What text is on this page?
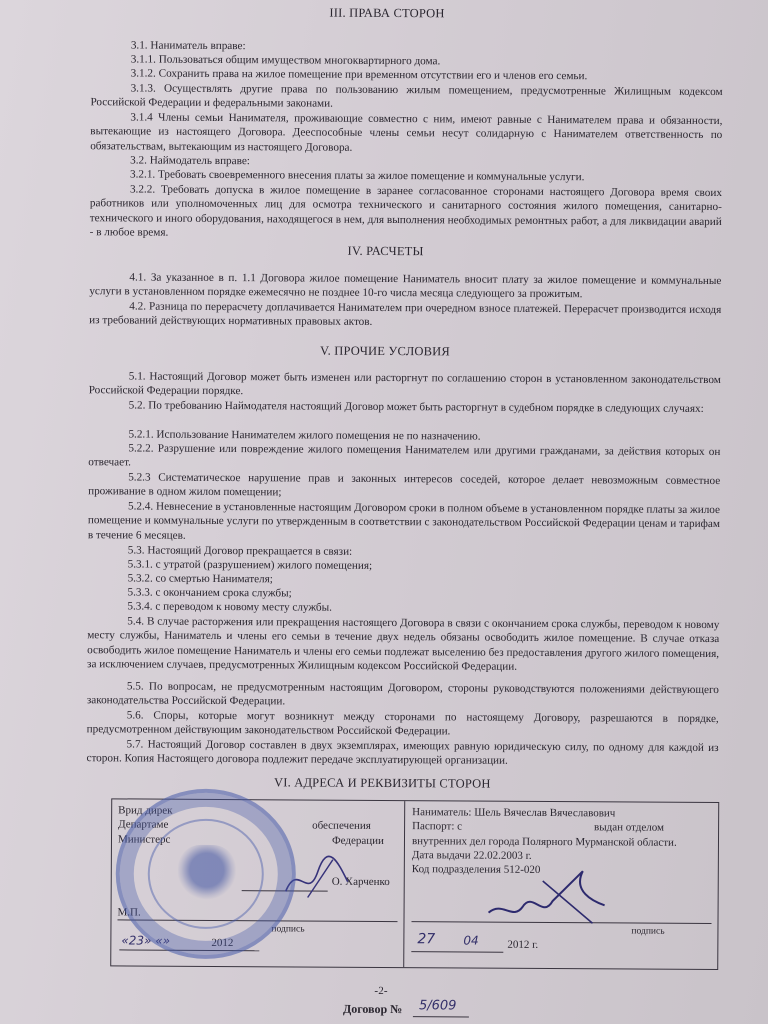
III. ПРАВА СТОРОН
3.1. Наниматель вправе:
3.1.1. Пользоваться общим имуществом многоквартирного дома.
3.1.2. Сохранить права на жилое помещение при временном отсутствии его и членов его семьи.
3.1.3. Осуществлять другие права по пользованию жилым помещением, предусмотренные Жилищным кодексом Российской Федерации и федеральными законами.
3.1.4 Члены семьи Нанимателя, проживающие совместно с ним, имеют равные с Нанимателем права и обязанности, вытекающие из настоящего Договора. Дееспособные члены семьи несут солидарную с Нанимателем ответственность по обязательствам, вытекающим из настоящего Договора.
3.2. Наймодатель вправе:
3.2.1. Требовать своевременного внесения платы за жилое помещение и коммунальные услуги.
3.2.2. Требовать допуска в жилое помещение в заранее согласованное сторонами настоящего Договора время своих работников или уполномоченных лиц для осмотра технического и санитарного состояния жилого помещения, санитарно-технического и иного оборудования, находящегося в нем, для выполнения необходимых ремонтных работ, а для ликвидации аварий - в любое время.
IV. РАСЧЕТЫ
4.1. За указанное в п. 1.1 Договора жилое помещение Наниматель вносит плату за жилое помещение и коммунальные услуги в установленном порядке ежемесячно не позднее 10-го числа месяца следующего за прожитым.
4.2. Разница по перерасчету доплачивается Нанимателем при очередном взносе платежей. Перерасчет производится исходя из требований действующих нормативных правовых актов.
V. ПРОЧИЕ УСЛОВИЯ
5.1. Настоящий Договор может быть изменен или расторгнут по соглашению сторон в установленном законодательством Российской Федерации порядке.
5.2. По требованию Наймодателя настоящий Договор может быть расторгнут в судебном порядке в следующих случаях:
5.2.1. Использование Нанимателем жилого помещения не по назначению.
5.2.2. Разрушение или повреждение жилого помещения Нанимателем или другими гражданами, за действия которых он отвечает.
5.2.3 Систематическое нарушение прав и законных интересов соседей, которое делает невозможным совместное проживание в одном жилом помещении;
5.2.4. Невнесение в установленные настоящим Договором сроки в полном объеме в установленном порядке платы за жилое помещение и коммунальные услуги по утвержденным в соответствии с законодательством Российской Федерации ценам и тарифам в течение 6 месяцев.
5.3. Настоящий Договор прекращается в связи:
5.3.1. с утратой (разрушением) жилого помещения;
5.3.2. со смертью Нанимателя;
5.3.3. с окончанием срока службы;
5.3.4. с переводом к новому месту службы.
5.4. В случае расторжения или прекращения настоящего Договора в связи с окончанием срока службы, переводом к новому месту службы, Наниматель и члены его семьи в течение двух недель обязаны освободить жилое помещение. В случае отказа освободить жилое помещение Наниматель и члены его семьи подлежат выселению без предоставления другого жилого помещения, за исключением случаев, предусмотренных Жилищным кодексом Российской Федерации.
5.5. По вопросам, не предусмотренным настоящим Договором, стороны руководствуются положениями действующего законодательства Российской Федерации.
5.6. Споры, которые могут возникнут между сторонами по настоящему Договору, разрешаются в порядке, предусмотренном действующим законодательством Российской Федерации.
5.7. Настоящий Договор составлен в двух экземплярах, имеющих равную юридическую силу, по одному для каждой из сторон. Копия Настоящего договора подлежит передаче эксплуатирующей организации.
VI. АДРЕСА И РЕКВИЗИТЫ СТОРОН
Врид дирек
Департаме	обеспечения
Министерс	Федерации
О. Харченко
М.П.
подпись
«23» «»	2012
Наниматель: Шель Вячеслав Вячеславович
Паспорт: с	выдан отделом
внутренних дел города Полярного Мурманской области.
Дата выдачи 22.02.2003 г.
Код подразделения 512-020
подпись
27 04	2012 г.
-2-
Договор № 5/609
